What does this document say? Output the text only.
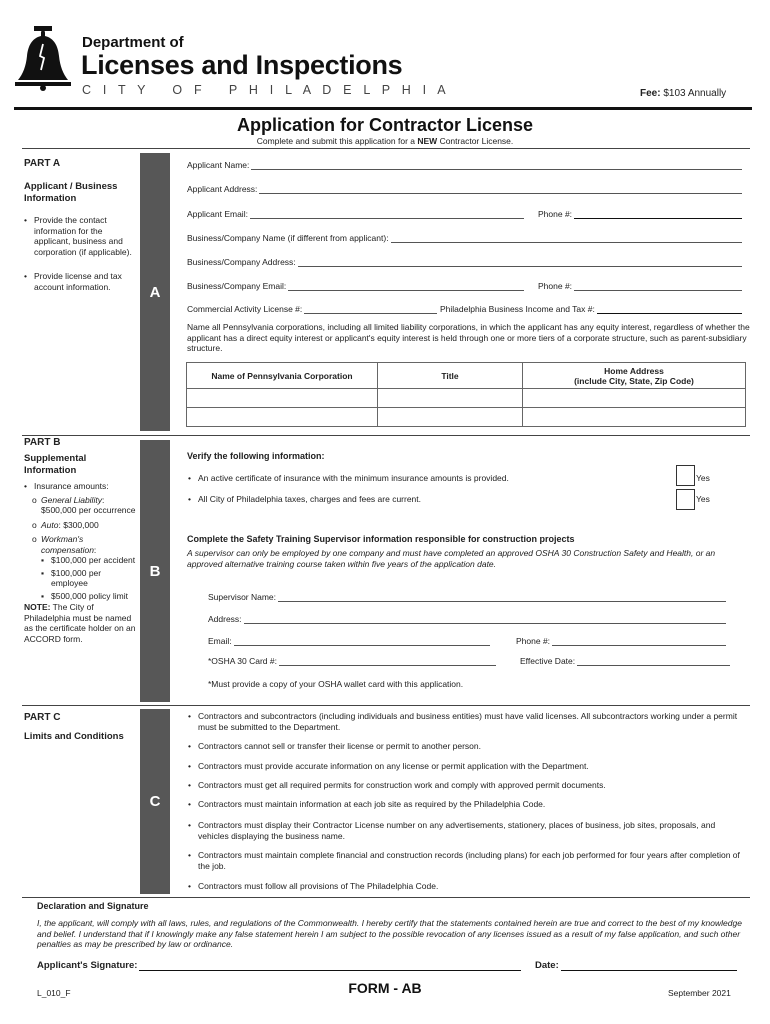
Department of
Licenses and Inspections
C I T Y   O F   P H I L A D E L P H I A	Fee: $103 Annually
Application for Contractor License
Complete and submit this application for a NEW Contractor License.
PART A
Applicant / Business Information
• Provide the contact information for the applicant, business and corporation (if applicable).
• Provide license and tax account information.	A
Applicant Name:
Applicant Address:
Applicant Email:	Phone #:
Business/Company Name (if different from applicant):
Business/Company Address:
Business/Company Email:	Phone #:
Commercial Activity License #:	Philadelphia Business Income and Tax #:
Name all Pennsylvania corporations, including all limited liability corporations, in which the applicant has any equity interest, regardless of whether the applicant has a direct equity interest or applicant's equity interest is held through one or more tiers of a corporate structure, such as parent-subsidiary structure.
Name of Pennsylvania Corporation	Title	Home Address
(include City, State, Zip Code)

PART B
Supplemental Information
• Insurance amounts:
o General Liability: $500,000 per occurrence
o Auto: $300,000
o Workman's compensation:
▪ $100,000 per accident
▪ $100,000 per employee
▪ $500,000 policy limit
NOTE: The City of Philadelphia must be named as the certificate holder on an ACCORD form.
B
Verify the following information:
• An active certificate of insurance with the minimum insurance amounts is provided.
• All City of Philadelphia taxes, charges and fees are current.
Yes
Yes
Complete the Safety Training Supervisor information responsible for construction projects
A supervisor can only be employed by one company and must have completed an approved OSHA 30 Construction Safety and Health, or an approved alternative training course taken within five years of the application date.
Supervisor Name:
Address:
Email:	Phone #:
*OSHA 30 Card #:	Effective Date:
*Must provide a copy of your OSHA wallet card with this application.
PART C
Limits and Conditions
C
• Contractors and subcontractors (including individuals and business entities) must have valid licenses. All subcontractors working under a permit must be submitted to the Department.
• Contractors cannot sell or transfer their license or permit to another person.
• Contractors must provide accurate information on any license or permit application with the Department.
• Contractors must get all required permits for construction work and comply with approved permit documents.
• Contractors must maintain information at each job site as required by the Philadelphia Code.
• Contractors must display their Contractor License number on any advertisements, stationery, places of business, job sites, proposals, and vehicles displaying the business name.
• Contractors must maintain complete financial and construction records (including plans) for each job performed for four years after completion of the job.
• Contractors must follow all provisions of The Philadelphia Code.
Declaration and Signature
I, the applicant, will comply with all laws, rules, and regulations of the Commonwealth. I hereby certify that the statements contained herein are true and correct to the best of my knowledge and belief. I understand that if I knowingly make any false statement herein I am subject to the possible revocation of any licenses issued as a result of my false application, and such other penalties as may be prescribed by law or ordinance.
Applicant's Signature:	Date:
L_010_F	FORM - AB	September 2021
